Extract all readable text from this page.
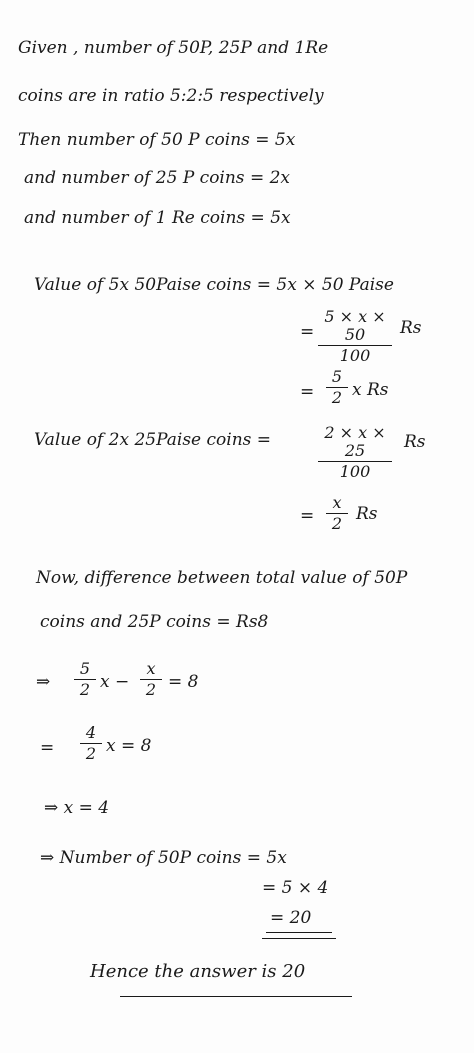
Given , number of 50P, 25P and 1Re
coins are in ratio 5:2:5 respectively
Then number of 50 P coins = 5x
and number of 25 P coins = 2x
and number of 1 Re coins = 5x
Value of 5x 50Paise coins = 5x × 50 Paise
=
5 × x × 50
100
Rs
=
5
2 x Rs
Value of 2x 25Paise coins =	2 × x × 25
100
Rs
=
x
2 Rs
Now, difference between total value of 50P
coins and 25P coins = Rs8
⇒
5
2 x −
x
2 = 8
=
4
2 x = 8
⇒ x = 4
⇒ Number of 50P coins = 5x
= 5 × 4
= 20
Hence the answer is 20
